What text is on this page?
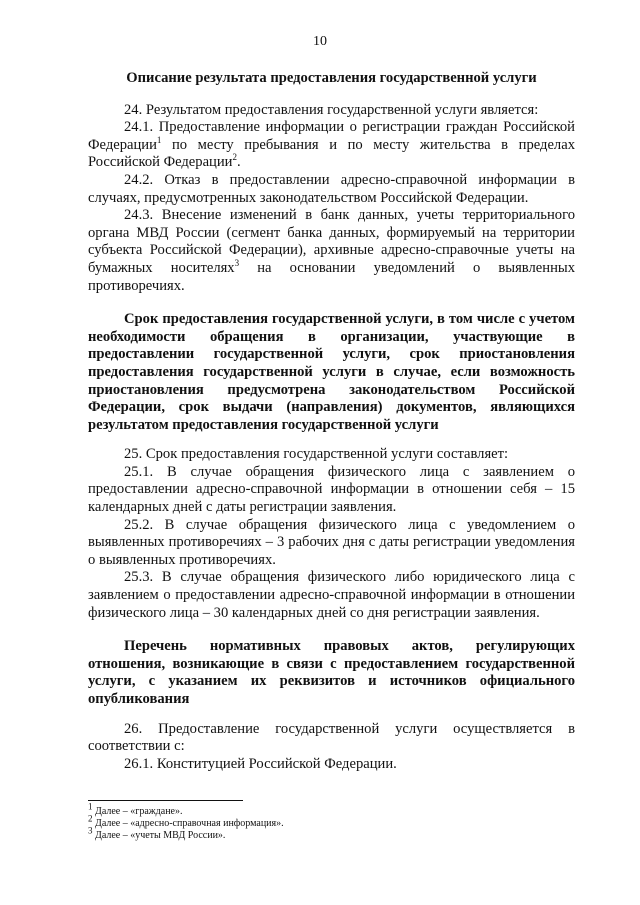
10
Описание результата предоставления государственной услуги

24. Результатом предоставления государственной услуги является:

24.1. Предоставление информации о регистрации граждан Российской Федерации$^1$ по месту пребывания и по месту жительства в пределах Российской Федерации$^2$.

24.2. Отказ в предоставлении адресно-справочной информации в случаях, предусмотренных законодательством Российской Федерации.

24.3. Внесение изменений в банк данных, учеты территориального органа МВД России (сегмент банка данных, формируемый на территории субъекта Российской Федерации), архивные адресно-справочные учеты на бумажных носителях$^3$ на основании уведомлений о выявленных противоречиях.

Срок предоставления государственной услуги, в том числе с учетом необходимости обращения в организации, участвующие в предоставлении государственной услуги, срок приостановления предоставления государственной услуги в случае, если возможность приостановления предусмотрена законодательством Российской Федерации, срок выдачи (направления) документов, являющихся результатом предоставления государственной услуги

25. Срок предоставления государственной услуги составляет:

25.1. В случае обращения физического лица с заявлением о предоставлении адресно-справочной информации в отношении себя – 15 календарных дней с даты регистрации заявления.

25.2. В случае обращения физического лица с уведомлением о выявленных противоречиях – 3 рабочих дня с даты регистрации уведомления о выявленных противоречиях.

25.3. В случае обращения физического либо юридического лица с заявлением о предоставлении адресно-справочной информации в отношении физического лица – 30 календарных дней со дня регистрации заявления.

Перечень нормативных правовых актов, регулирующих отношения, возникающие в связи с предоставлением государственной услуги, с указанием их реквизитов и источников официального опубликования

26. Предоставление государственной услуги осуществляется в соответствии с:

26.1. Конституцией Российской Федерации.

$^1$ Далее – «граждане».
$^2$ Далее – «адресно-справочная информация».
$^3$ Далее – «учеты МВД России».
